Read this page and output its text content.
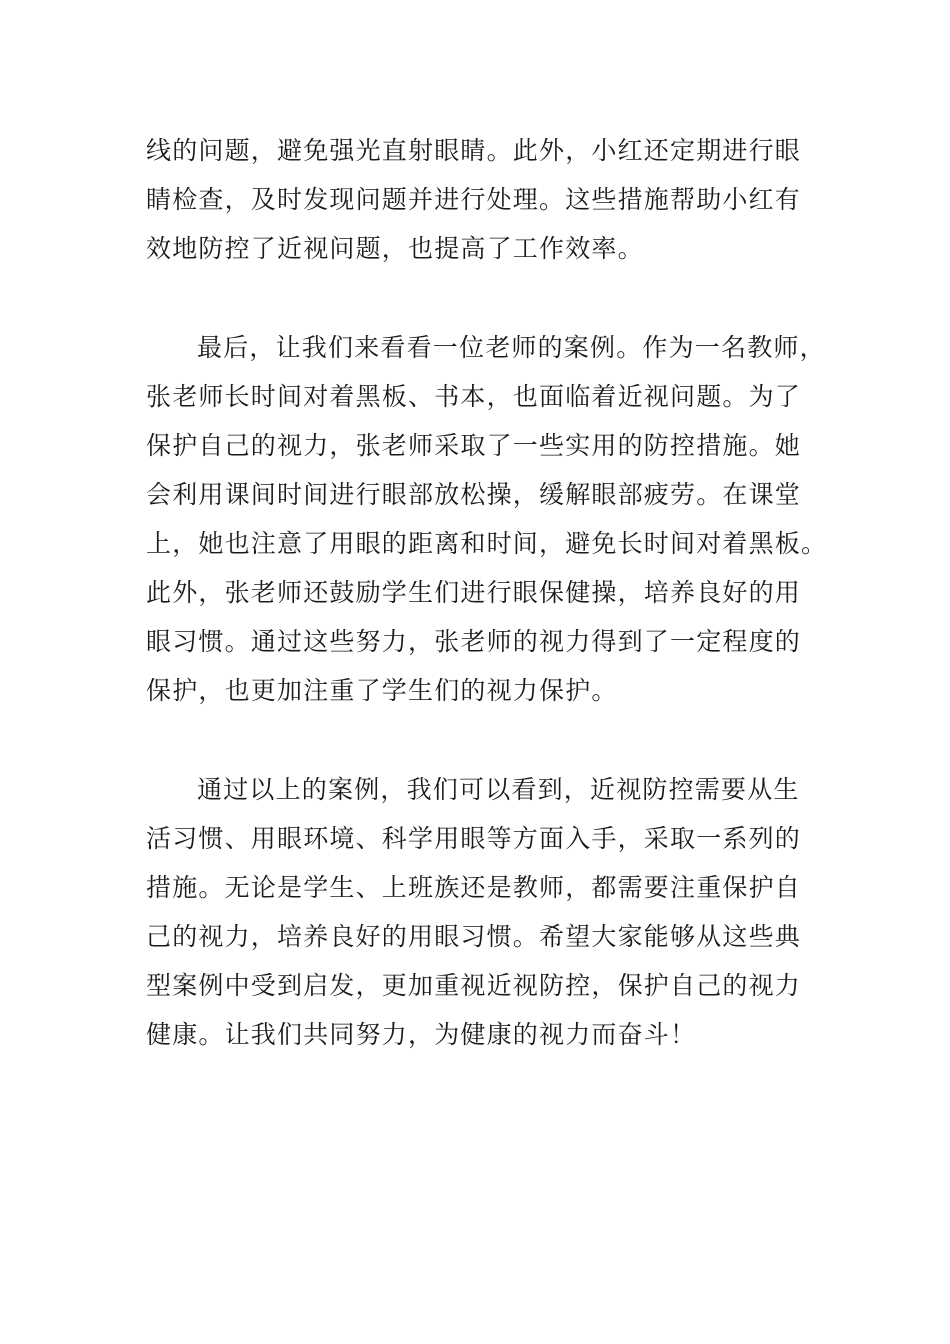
线的问题，避免强光直射眼睛。此外，小红还定期进行眼
睛检查，及时发现问题并进行处理。这些措施帮助小红有
效地防控了近视问题，也提高了工作效率。

最后，让我们来看看一位老师的案例。作为一名教师，
张老师长时间对着黑板、书本，也面临着近视问题。为了
保护自己的视力，张老师采取了一些实用的防控措施。她
会利用课间时间进行眼部放松操，缓解眼部疲劳。在课堂
上，她也注意了用眼的距离和时间，避免长时间对着黑板。
此外，张老师还鼓励学生们进行眼保健操，培养良好的用
眼习惯。通过这些努力，张老师的视力得到了一定程度的
保护，也更加注重了学生们的视力保护。

通过以上的案例，我们可以看到，近视防控需要从生
活习惯、用眼环境、科学用眼等方面入手，采取一系列的
措施。无论是学生、上班族还是教师，都需要注重保护自
己的视力，培养良好的用眼习惯。希望大家能够从这些典
型案例中受到启发，更加重视近视防控，保护自己的视力
健康。让我们共同努力，为健康的视力而奋斗！
